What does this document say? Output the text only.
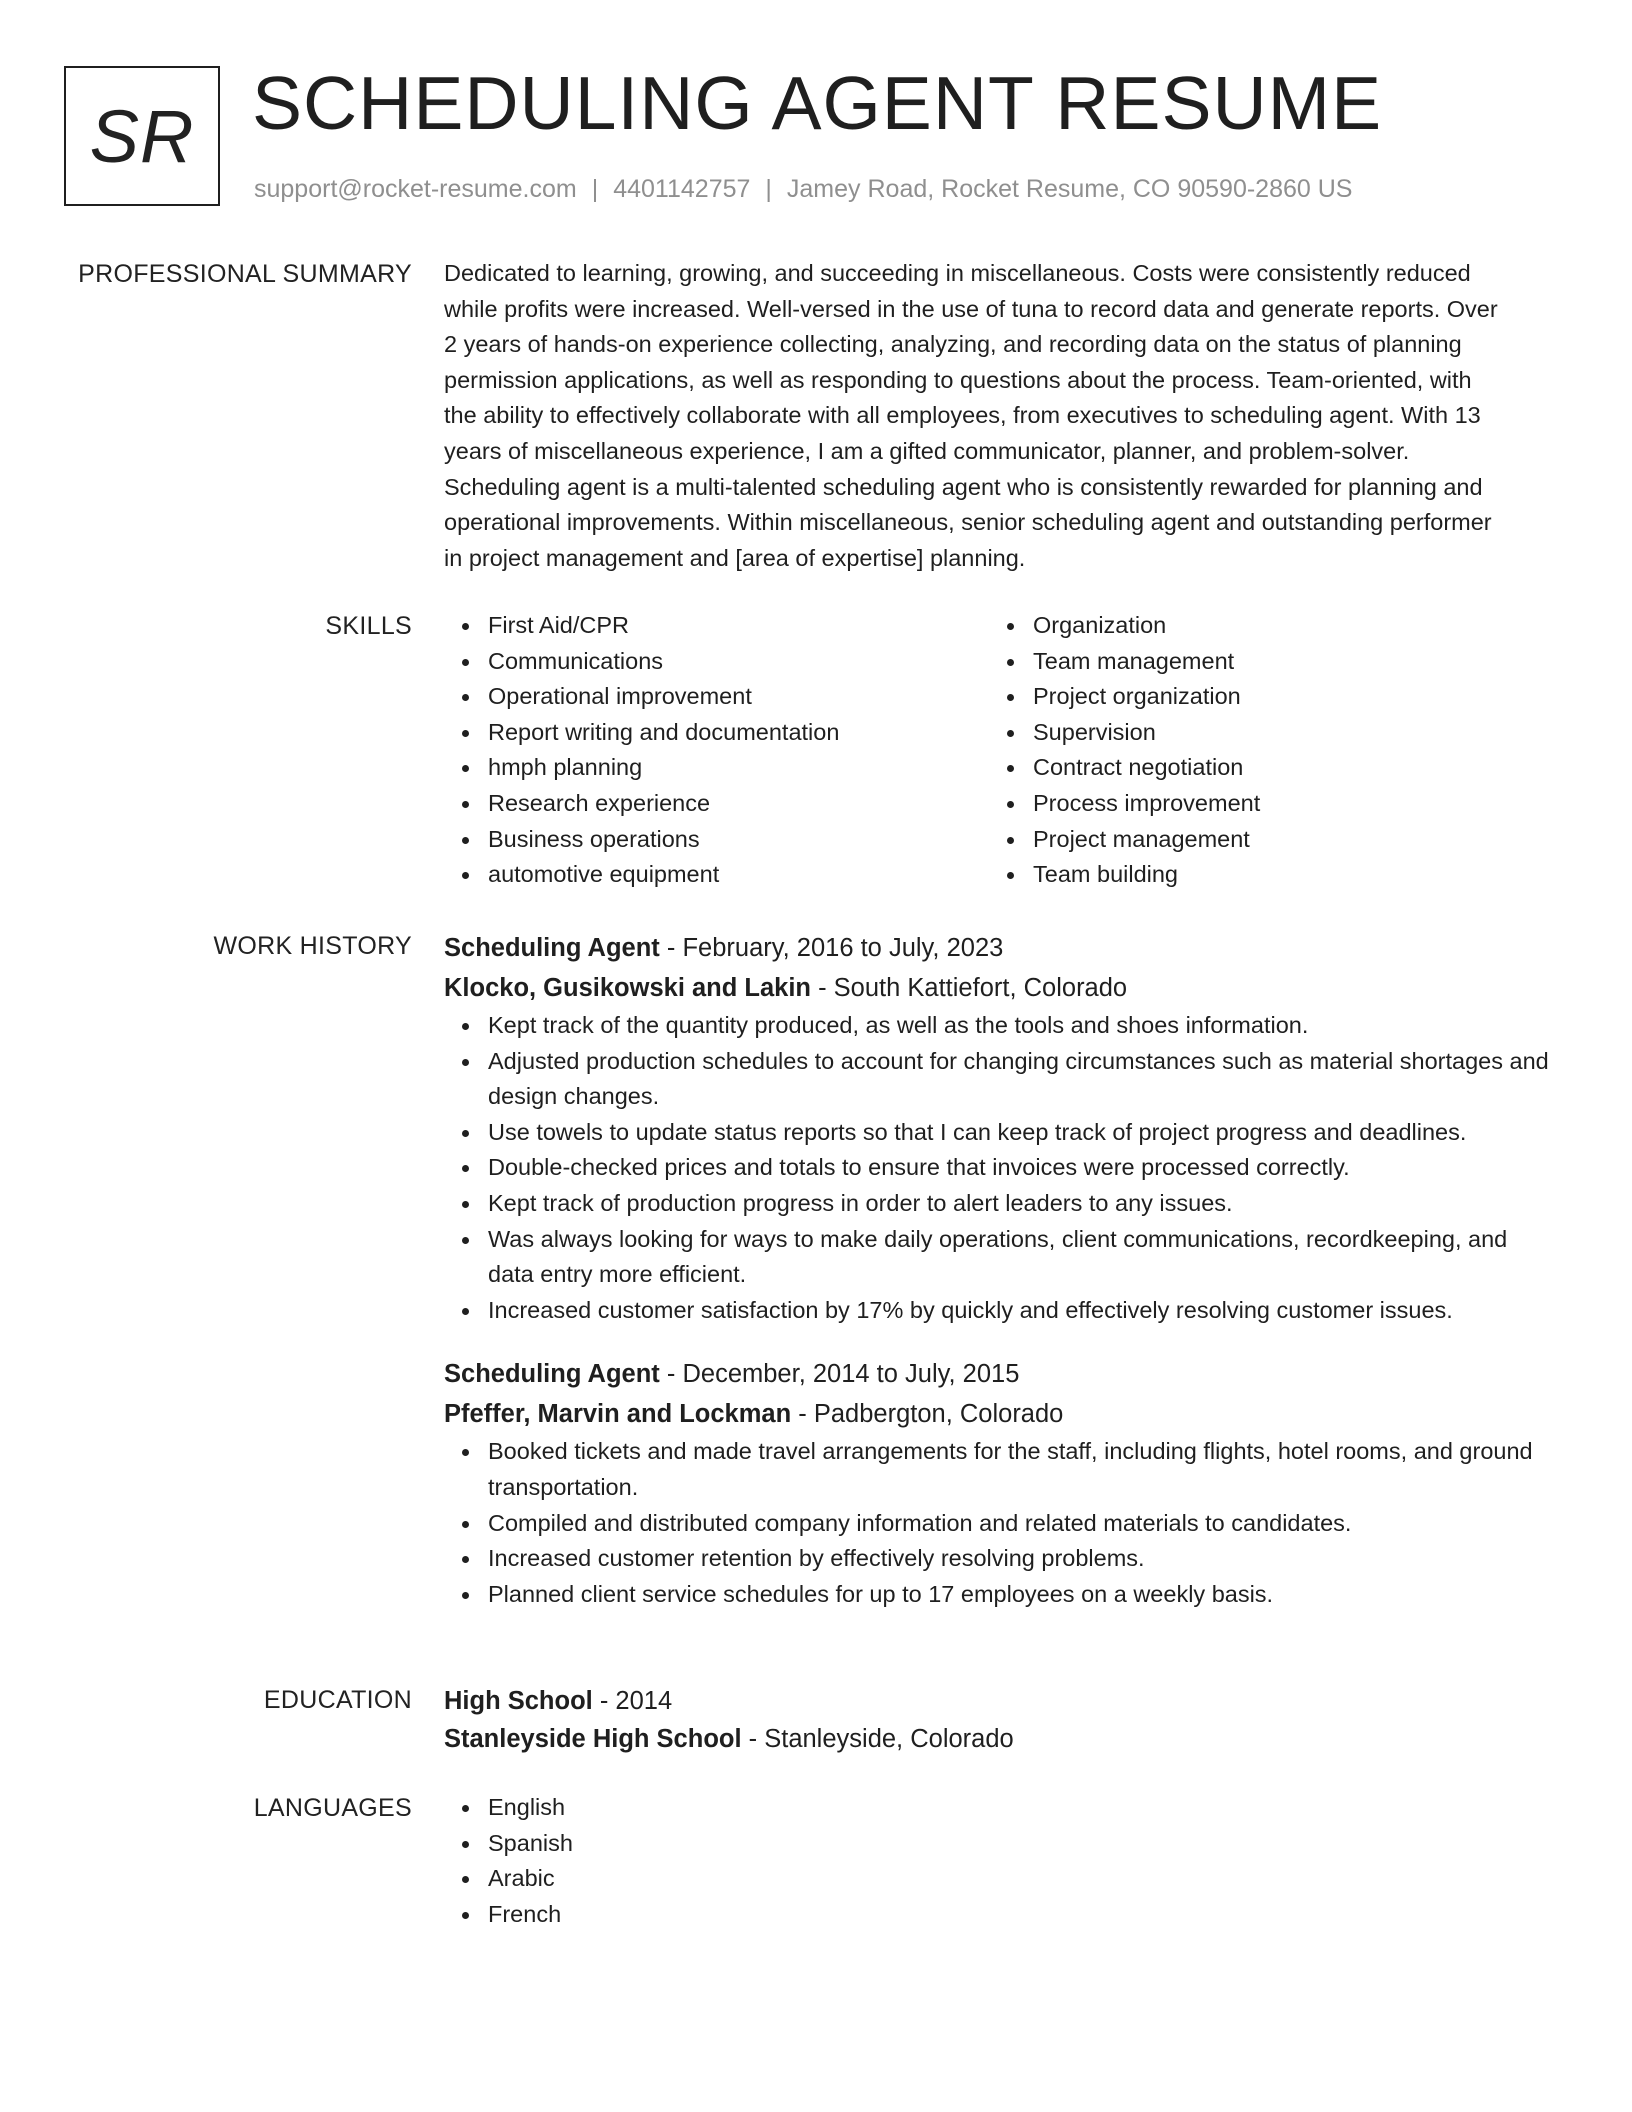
SR SCHEDULING AGENT RESUME
support@rocket-resume.com | 4401142757 | Jamey Road, Rocket Resume, CO 90590-2860 US
PROFESSIONAL SUMMARY Dedicated to learning, growing, and succeeding in miscellaneous. Costs were consistently reduced
while profits were increased. Well-versed in the use of tuna to record data and generate reports. Over
2 years of hands-on experience collecting, analyzing, and recording data on the status of planning
permission applications, as well as responding to questions about the process. Team-oriented, with
the ability to effectively collaborate with all employees, from executives to scheduling agent. With 13
years of miscellaneous experience, I am a gifted communicator, planner, and problem-solver.
Scheduling agent is a multi-talented scheduling agent who is consistently rewarded for planning and
operational improvements. Within miscellaneous, senior scheduling agent and outstanding performer
in project management and [area of expertise] planning.

SKILLS	First Aid/CPR
Communications
Operational improvement
Report writing and documentation
hmph planning
Research experience
Business operations
automotive equipment
Organization
Team management
Project organization
Supervision
Contract negotiation
Process improvement
Project management
Team building
WORK HISTORY Scheduling Agent - February, 2016 to July, 2023
Klocko, Gusikowski and Lakin - South Kattiefort, Colorado
Kept track of the quantity produced, as well as the tools and shoes information.
Adjusted production schedules to account for changing circumstances such as material shortages and design changes.
Use towels to update status reports so that I can keep track of project progress and deadlines.
Double-checked prices and totals to ensure that invoices were processed correctly.
Kept track of production progress in order to alert leaders to any issues.
Was always looking for ways to make daily operations, client communications, recordkeeping, and data entry more efficient.
Increased customer satisfaction by 17% by quickly and effectively resolving customer issues.
Scheduling Agent - December, 2014 to July, 2015
Pfeffer, Marvin and Lockman - Padbergton, Colorado
Booked tickets and made travel arrangements for the staff, including flights, hotel rooms, and ground transportation.
Compiled and distributed company information and related materials to candidates.
Increased customer retention by effectively resolving problems.
Planned client service schedules for up to 17 employees on a weekly basis.
EDUCATION High School - 2014
Stanleyside High School - Stanleyside, Colorado
LANGUAGES	English
Spanish
Arabic
French
